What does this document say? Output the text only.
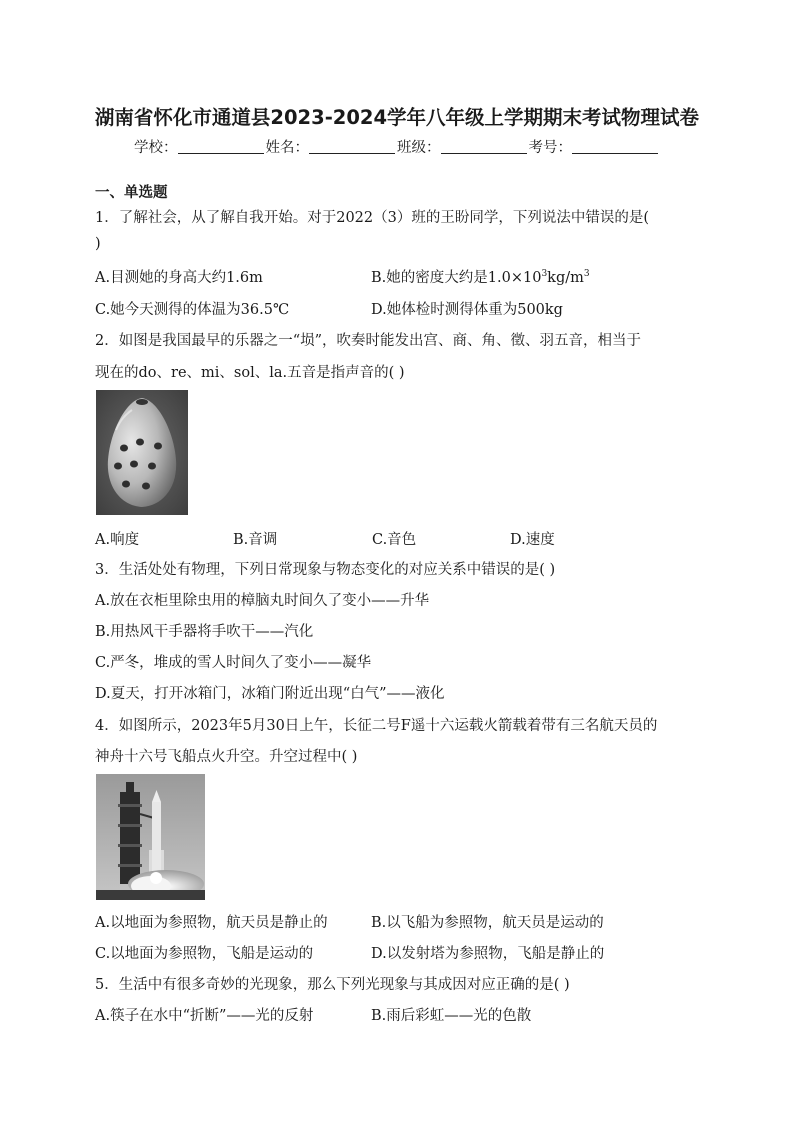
湖南省怀化市通道县2023-2024学年八年级上学期期末考试物理试卷
学校：	姓名：	班级：	考号：
一、单选题
1．了解社会，从了解自我开始。对于2022（3）班的王盼同学，下列说法中错误的是(
)
A.目测她的身高大约1.6m	B.她的密度大约是$1.0\times 10^3kg/m^3$
C.她今天测得的体温为36.5℃	D.她体检时测得体重为500kg
2．如图是我国最早的乐器之一“埙”，吹奏时能发出宫、商、角、徵、羽五音，相当于
现在的do、re、mi、sol、la.五音是指声音的( )
A.响度	B.音调	C.音色	D.速度
3．生活处处有物理，下列日常现象与物态变化的对应关系中错误的是( )
A.放在衣柜里除虫用的樟脑丸时间久了变小——升华
B.用热风干手器将手吹干——汽化
C.严冬，堆成的雪人时间久了变小——凝华
D.夏天，打开冰箱门，冰箱门附近出现“白气”——液化
4．如图所示，2023年5月30日上午，长征二号F遥十六运载火箭载着带有三名航天员的
神舟十六号飞船点火升空。升空过程中( )
A.以地面为参照物，航天员是静止的	B.以飞船为参照物，航天员是运动的
C.以地面为参照物，飞船是运动的	D.以发射塔为参照物，飞船是静止的
5．生活中有很多奇妙的光现象，那么下列光现象与其成因对应正确的是( )
A.筷子在水中“折断”——光的反射	B.雨后彩虹——光的色散
